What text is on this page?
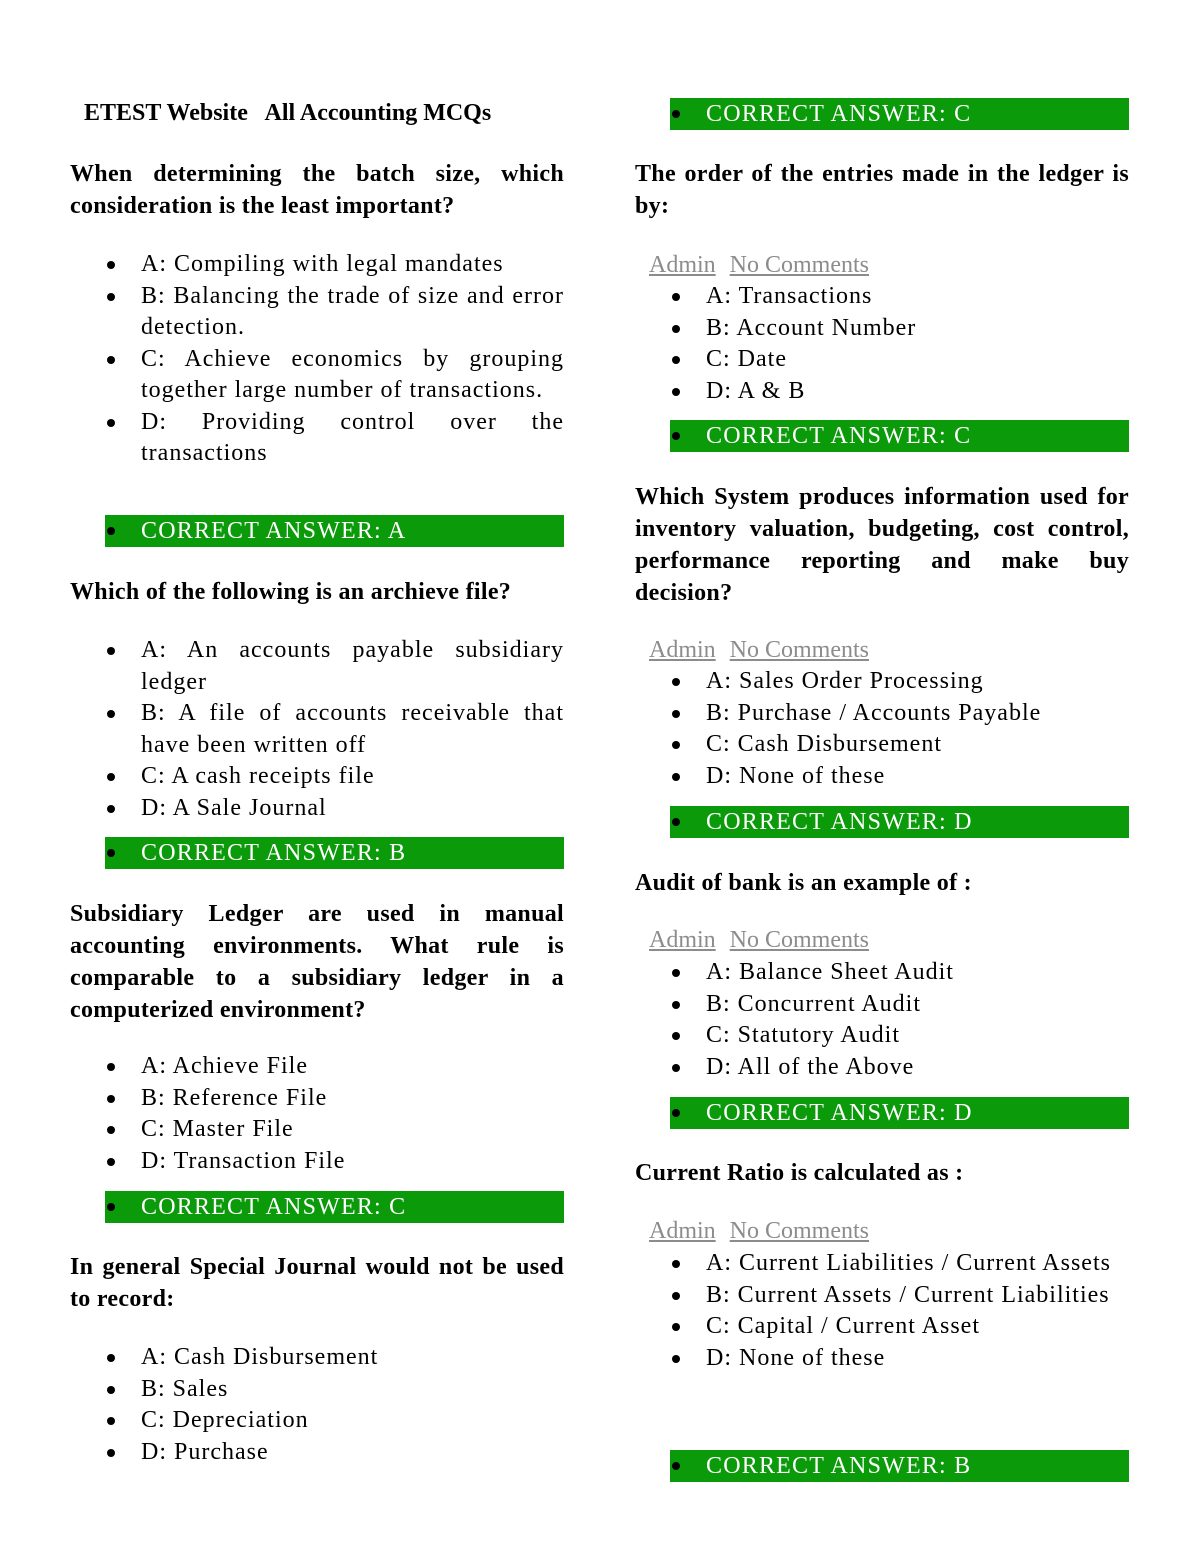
ETEST Website   All Accounting MCQs
When determining the batch size, which consideration is the least important?
A: Compiling with legal mandates
B: Balancing the trade of size and error detection.
C: Achieve economics by grouping together large number of transactions.
D: Providing control over the transactions
CORRECT ANSWER: A
Which of the following is an archieve file?
A: An accounts payable subsidiary ledger
B: A file of accounts receivable that have been written off
C: A cash receipts file
D: A Sale Journal
CORRECT ANSWER: B
Subsidiary Ledger are used in manual accounting environments. What rule is comparable to a subsidiary ledger in a computerized environment?
A: Achieve File
B: Reference File
C: Master File
D: Transaction File
CORRECT ANSWER: C
In general Special Journal would not be used to record:
A: Cash Disbursement
B: Sales
C: Depreciation
D: Purchase
CORRECT ANSWER: C
The order of the entries made in the ledger is by:
Admin No Comments
A: Transactions
B: Account Number
C: Date
D: A & B
CORRECT ANSWER: C
Which System produces information used for inventory valuation, budgeting, cost control, performance reporting and make buy decision?
Admin No Comments
A: Sales Order Processing
B: Purchase / Accounts Payable
C: Cash Disbursement
D: None of these
CORRECT ANSWER: D
Audit of bank is an example of :
Admin No Comments
A: Balance Sheet Audit
B: Concurrent Audit
C: Statutory Audit
D: All of the Above
CORRECT ANSWER: D
Current Ratio is calculated as :
Admin No Comments
A: Current Liabilities / Current Assets
B: Current Assets / Current Liabilities
C: Capital / Current Asset
D: None of these
CORRECT ANSWER: B
